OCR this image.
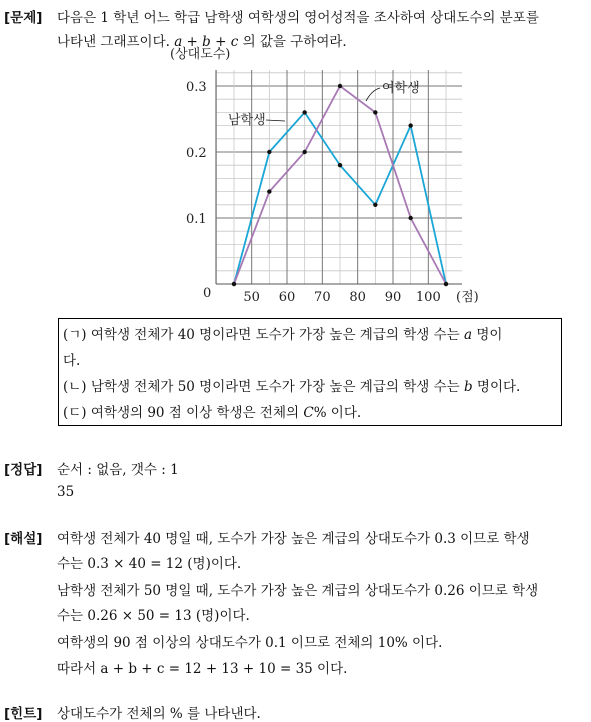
[문제] 다음은 1 학년 어느 학급 남학생 여학생의 영어성적을 조사하여 상대도수의 분포를
나타낸 그래프이다. a + b + c 의 값을 구하여라.
(상대도수)
0
0.1
0.2
0.3
50 60 70 80 90 100 (점)
남학생
여학생
(ㄱ) 여학생 전체가 40 명이라면 도수가 가장 높은 계급의 학생 수는 a 명이
다.
(ㄴ) 남학생 전체가 50 명이라면 도수가 가장 높은 계급의 학생 수는 b 명이다.
(ㄷ) 여학생의 90 점 이상 학생은 전체의 C% 이다.
[정답] 순서 : 없음, 갯수 : 1
35
[해설] 여학생 전체가 40 명일 때, 도수가 가장 높은 계급의 상대도수가 0.3 이므로 학생
수는 0.3 × 40 = 12 (명)이다.
남학생 전체가 50 명일 때, 도수가 가장 높은 계급의 상대도수가 0.26 이므로 학생
수는 0.26 × 50 = 13 (명)이다.
여학생의 90 점 이상의 상대도수가 0.1 이므로 전체의 10% 이다.
따라서 a + b + c = 12 + 13 + 10 = 35 이다.
[힌트] 상대도수가 전체의 % 를 나타낸다.
